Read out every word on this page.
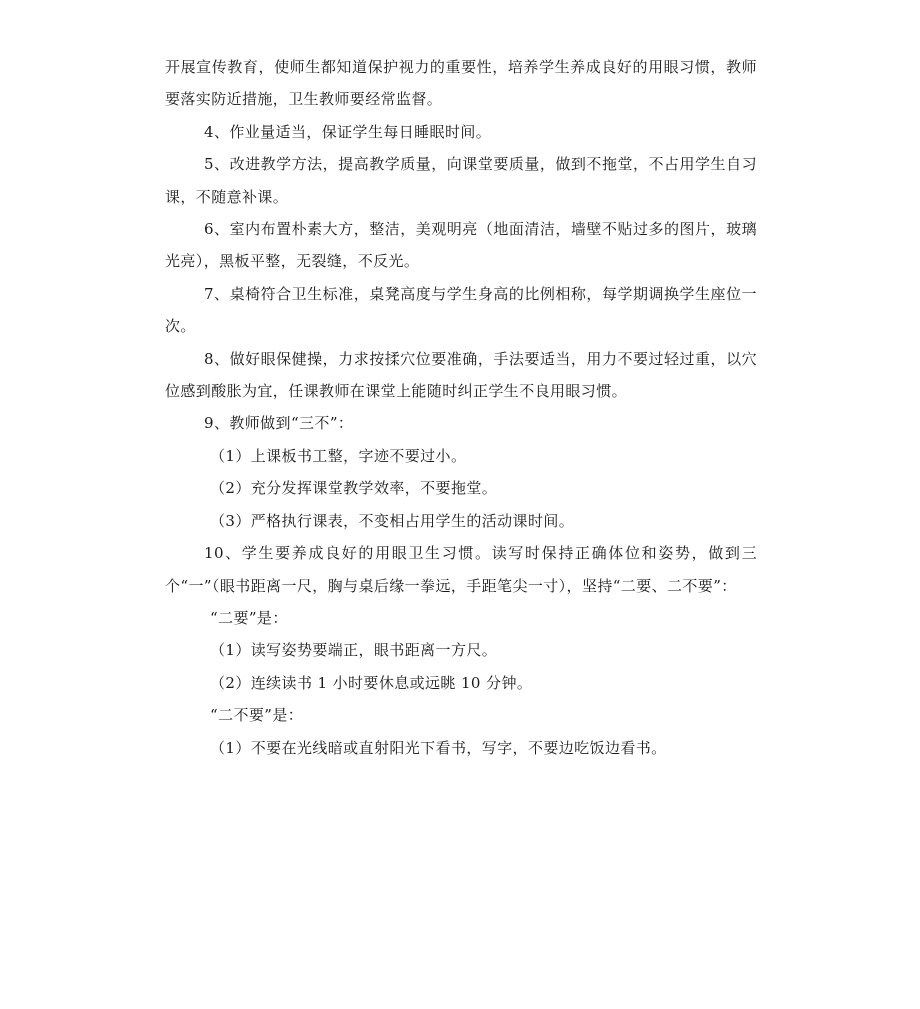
开展宣传教育，使师生都知道保护视力的重要性，培养学生养成良好的用眼习惯，教师要落实防近措施，卫生教师要经常监督。

4、作业量适当，保证学生每日睡眠时间。

5、改进教学方法，提高教学质量，向课堂要质量，做到不拖堂，不占用学生自习课，不随意补课。

6、室内布置朴素大方，整洁，美观明亮（地面清洁，墙壁不贴过多的图片，玻璃光亮），黑板平整，无裂缝，不反光。

7、桌椅符合卫生标准，桌凳高度与学生身高的比例相称，每学期调换学生座位一次。

8、做好眼保健操，力求按揉穴位要准确，手法要适当，用力不要过轻过重，以穴位感到酸胀为宜，任课教师在课堂上能随时纠正学生不良用眼习惯。

9、教师做到“三不”：

（1）上课板书工整，字迹不要过小。

（2）充分发挥课堂教学效率，不要拖堂。

（3）严格执行课表，不变相占用学生的活动课时间。

10、学生要养成良好的用眼卫生习惯。读写时保持正确体位和姿势，做到三个“一”（眼书距离一尺，胸与桌后缘一拳远，手距笔尖一寸），坚持“二要、二不要”：

“二要”是：

（1）读写姿势要端正，眼书距离一方尺。

（2）连续读书 1 小时要休息或远眺 10 分钟。

“二不要”是：

（1）不要在光线暗或直射阳光下看书，写字，不要边吃饭边看书。
